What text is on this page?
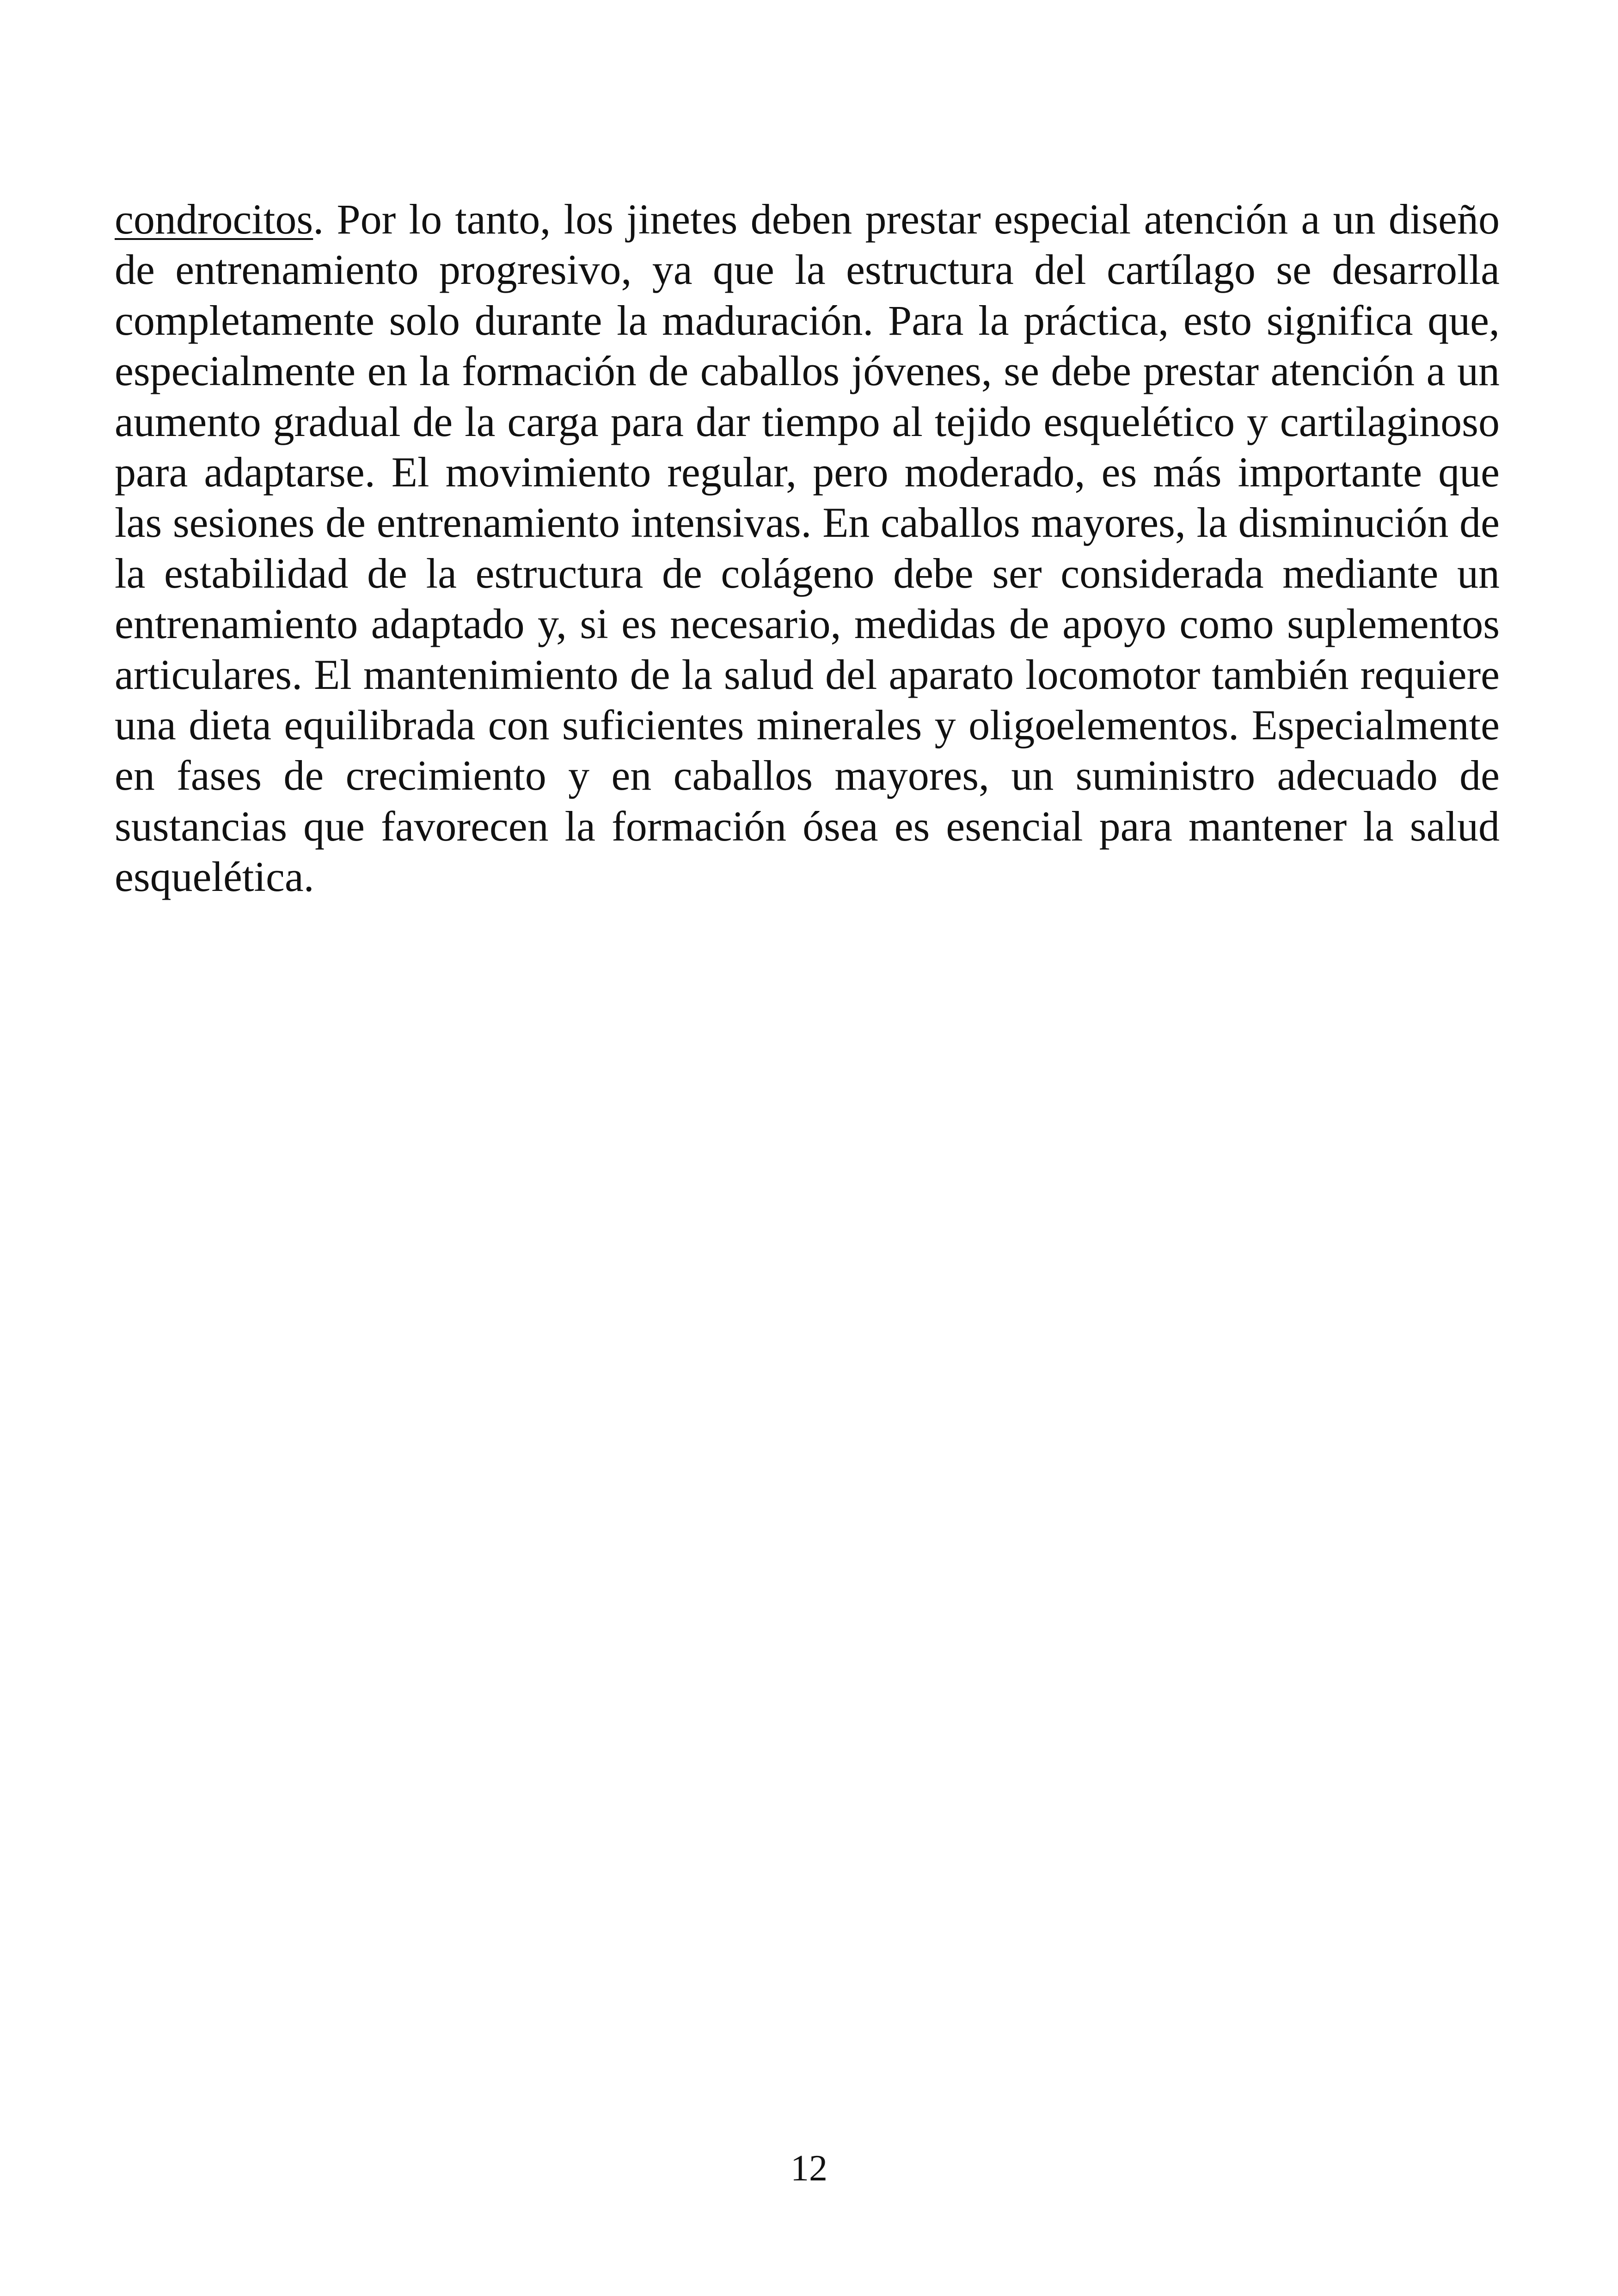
condrocitos. Por lo tanto, los jinetes deben prestar especial atención a un diseño de entrenamiento progresivo, ya que la estructura del cartílago se desarrolla completamente solo durante la maduración. Para la práctica, esto significa que, especialmente en la formación de caballos jóvenes, se debe prestar atención a un aumento gradual de la carga para dar tiempo al tejido esquelético y cartilaginoso para adaptarse. El movimiento regular, pero moderado, es más importante que las sesiones de entrenamiento intensivas. En caballos mayores, la disminución de la estabilidad de la estructura de colágeno debe ser considerada mediante un entrenamiento adaptado y, si es necesario, medidas de apoyo como suplementos articulares. El mantenimiento de la salud del aparato locomotor también requiere una dieta equilibrada con suficientes minerales y oligoelementos. Especialmente en fases de crecimiento y en caballos mayores, un suministro adecuado de sustancias que favorecen la formación ósea es esencial para mantener la salud esquelética.

12
